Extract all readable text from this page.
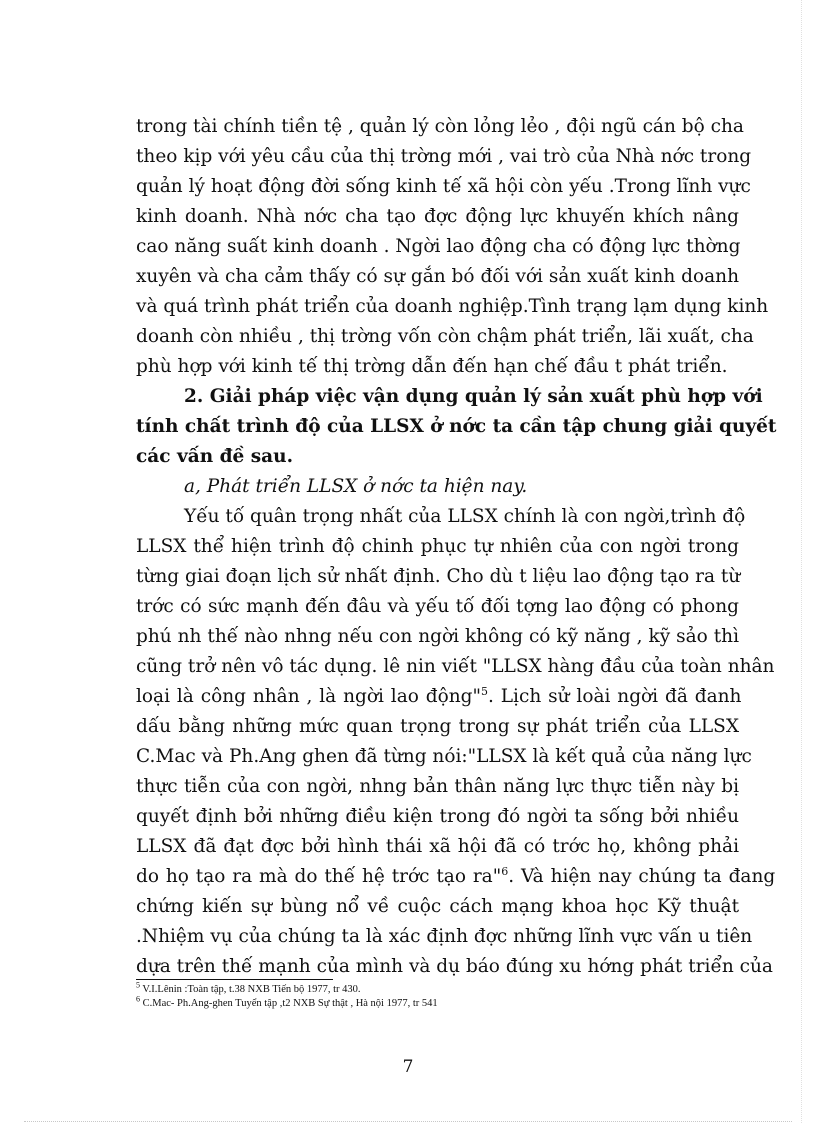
trong tài chính tiền tệ , quản lý còn lỏng lẻo , đội ngũ cán bộ cha
theo kịp với yêu cầu của thị trờng mới , vai trò của Nhà nớc trong
quản lý hoạt động đời sống kinh tế xã hội còn yếu .Trong lĩnh vực
kinh doanh. Nhà nớc cha tạo đợc động lực khuyến khích nâng
cao năng suất kinh doanh . Ngời lao động cha có động lực thờng
xuyên và cha cảm thấy có sự gắn bó đối với sản xuất kinh doanh
và quá trình phát triển của doanh nghiệp.Tình trạng lạm dụng kinh
doanh còn nhiều , thị trờng vốn còn chậm phát triển, lãi xuất, cha
phù hợp với kinh tế thị trờng dẫn đến hạn chế đầu t phát triển.
2. Giải pháp việc vận dụng quản lý sản xuất phù hợp với
tính chất trình độ của LLSX ở nớc ta cần tập chung giải quyết
các vấn đề sau.
a, Phát triển LLSX ở nớc ta hiện nay.
Yếu tố quân trọng nhất của LLSX chính là con ngời,trình độ
LLSX thể hiện trình độ chinh phục tự nhiên của con ngời trong
từng giai đoạn lịch sử nhất định. Cho dù t liệu lao động tạo ra từ
trớc có sức mạnh đến đâu và yếu tố đối tợng lao động có phong
phú nh thế nào nhng nếu con ngời không có kỹ năng , kỹ sảo thì
cũng trở nên vô tác dụng. lê nin viết "LLSX hàng đầu của toàn nhân
loại là công nhân , là ngời lao động"$^5$. Lịch sử loài ngời đã đanh
dấu bằng những mức quan trọng trong sự phát triển của LLSX
C.Mac và Ph.Ang ghen đã từng nói:"LLSX là kết quả của năng lực
thực tiễn của con ngời, nhng bản thân năng lực thực tiễn này bị
quyết định bởi những điều kiện trong đó ngời ta sống bởi nhiều
LLSX đã đạt đợc bởi hình thái xã hội đã có trớc họ, không phải
do họ tạo ra mà do thế hệ trớc tạo ra"$^6$. Và hiện nay chúng ta đang
chứng kiến sự bùng nổ về cuộc cách mạng khoa học Kỹ thuật
.Nhiệm vụ của chúng ta là xác định đợc những lĩnh vực vấn u tiên
dựa trên thế mạnh của mình và dụ báo đúng xu hớng phát triển của
$^5$ V.I.Lênin :Toàn tập, t.38 NXB Tiến bộ 1977, tr 430.
$^6$ C.Mac- Ph.Ang-ghen Tuyển tập ,t2 NXB Sự thật , Hà nội 1977, tr 541
7
